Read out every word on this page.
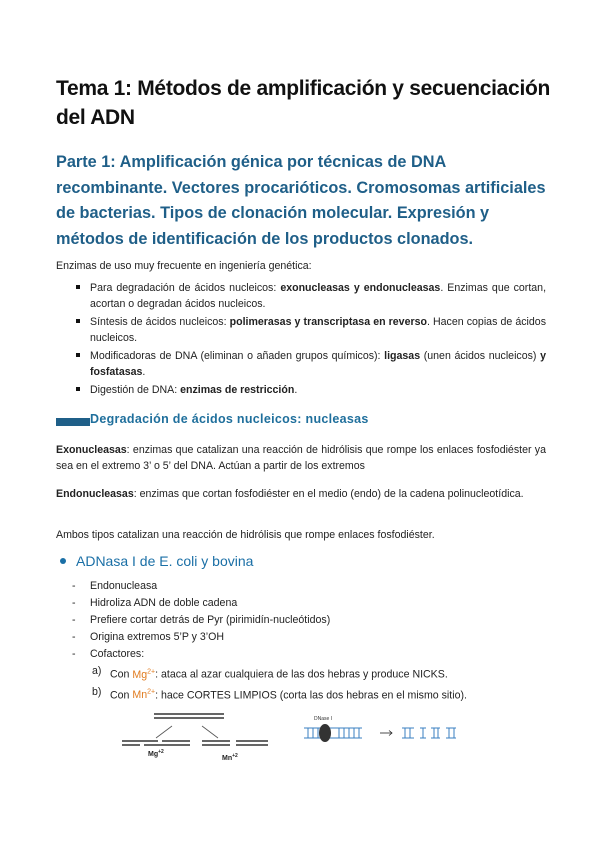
Tema 1: Métodos de amplificación y secuenciación del ADN
Parte 1: Amplificación génica por técnicas de DNA recombinante. Vectores procarióticos. Cromosomas artificiales de bacterias. Tipos de clonación molecular. Expresión y métodos de identificación de los productos clonados.
Enzimas de uso muy frecuente en ingeniería genética:
Para degradación de ácidos nucleicos: exonucleasas y endonucleasas. Enzimas que cortan, acortan o degradan ácidos nucleicos.
Síntesis de ácidos nucleicos: polimerasas y transcriptasa en reverso. Hacen copias de ácidos nucleicos.
Modificadoras de DNA (eliminan o añaden grupos químicos): ligasas (unen ácidos nucleicos) y fosfatasas.
Digestión de DNA: enzimas de restricción.
Degradación de ácidos nucleicos: nucleasas
Exonucleasas: enzimas que catalizan una reacción de hidrólisis que rompe los enlaces fosfodiéster ya sea en el extremo 3’ o 5’ del DNA. Actúan a partir de los extremos
Endonucleasas: enzimas que cortan fosfodiéster en el medio (endo) de la cadena polinucleotídica.
Ambos tipos catalizan una reacción de hidrólisis que rompe enlaces fosfodiéster.
ADNasa I de E. coli y bovina
- Endonucleasa
- Hidroliza ADN de doble cadena
- Prefiere cortar detrás de Pyr (pirimidín-nucleótidos)
- Origina extremos 5’P y 3’OH
- Cofactores:
a) Con $Mg^{2+}$: ataca al azar cualquiera de las dos hebras y produce NICKS.
b) Con $Mn^{2+}$: hace CORTES LIMPIOS (corta las dos hebras en el mismo sitio).
$Mg^{+2}$
$Mn^{+2}$
DNase I
